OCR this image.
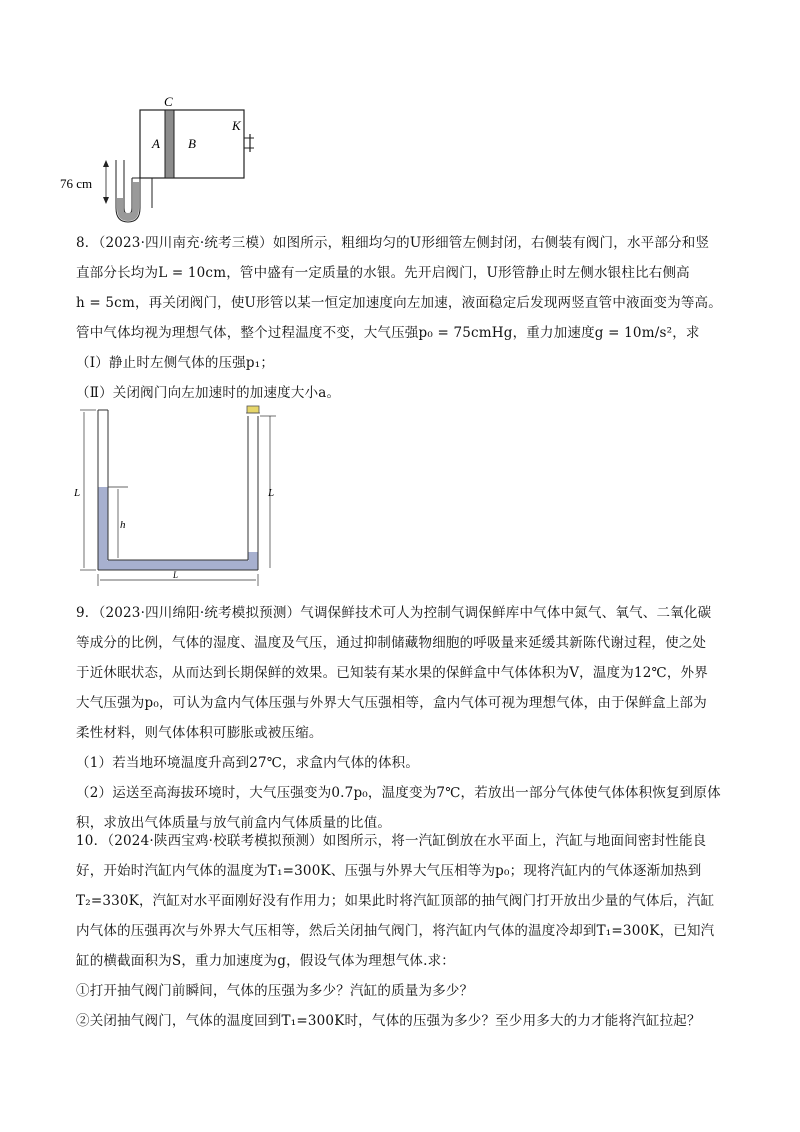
C
A B
K
76 cm
8．（2023·四川南充·统考三模）如图所示，粗细均匀的U形细管左侧封闭，右侧装有阀门，水平部分和竖
直部分长均为L = 10cm，管中盛有一定质量的水银。先开启阀门，U形管静止时左侧水银柱比右侧高
h = 5cm，再关闭阀门，使U形管以某一恒定加速度向左加速，液面稳定后发现两竖直管中液面变为等高。
管中气体均视为理想气体，整个过程温度不变，大气压强p₀ = 75cmHg，重力加速度g = 10m/s²，求
（Ⅰ）静止时左侧气体的压强p₁；
（Ⅱ）关闭阀门向左加速时的加速度大小a。
L	L
h
L
9．（2023·四川绵阳·统考模拟预测）气调保鲜技术可人为控制气调保鲜库中气体中氮气、氧气、二氧化碳
等成分的比例，气体的湿度、温度及气压，通过抑制储藏物细胞的呼吸量来延缓其新陈代谢过程，使之处
于近休眠状态，从而达到长期保鲜的效果。已知装有某水果的保鲜盒中气体体积为V，温度为12℃，外界
大气压强为p₀，可认为盒内气体压强与外界大气压强相等，盒内气体可视为理想气体，由于保鲜盒上部为
柔性材料，则气体体积可膨胀或被压缩。
（1）若当地环境温度升高到27℃，求盒内气体的体积。
（2）运送至高海拔环境时，大气压强变为0.7p₀，温度变为7℃，若放出一部分气体使气体体积恢复到原体
积，求放出气体质量与放气前盒内气体质量的比值。
10．（2024·陕西宝鸡·校联考模拟预测）如图所示，将一汽缸倒放在水平面上，汽缸与地面间密封性能良
好，开始时汽缸内气体的温度为T₁=300K、压强与外界大气压相等为p₀；现将汽缸内的气体逐渐加热到
T₂=330K，汽缸对水平面刚好没有作用力；如果此时将汽缸顶部的抽气阀门打开放出少量的气体后，汽缸
内气体的压强再次与外界大气压相等，然后关闭抽气阀门，将汽缸内气体的温度冷却到T₁=300K，已知汽
缸的横截面积为S，重力加速度为g，假设气体为理想气体.求：
①打开抽气阀门前瞬间，气体的压强为多少？汽缸的质量为多少？
②关闭抽气阀门，气体的温度回到T₁=300K时，气体的压强为多少？至少用多大的力才能将汽缸拉起？
